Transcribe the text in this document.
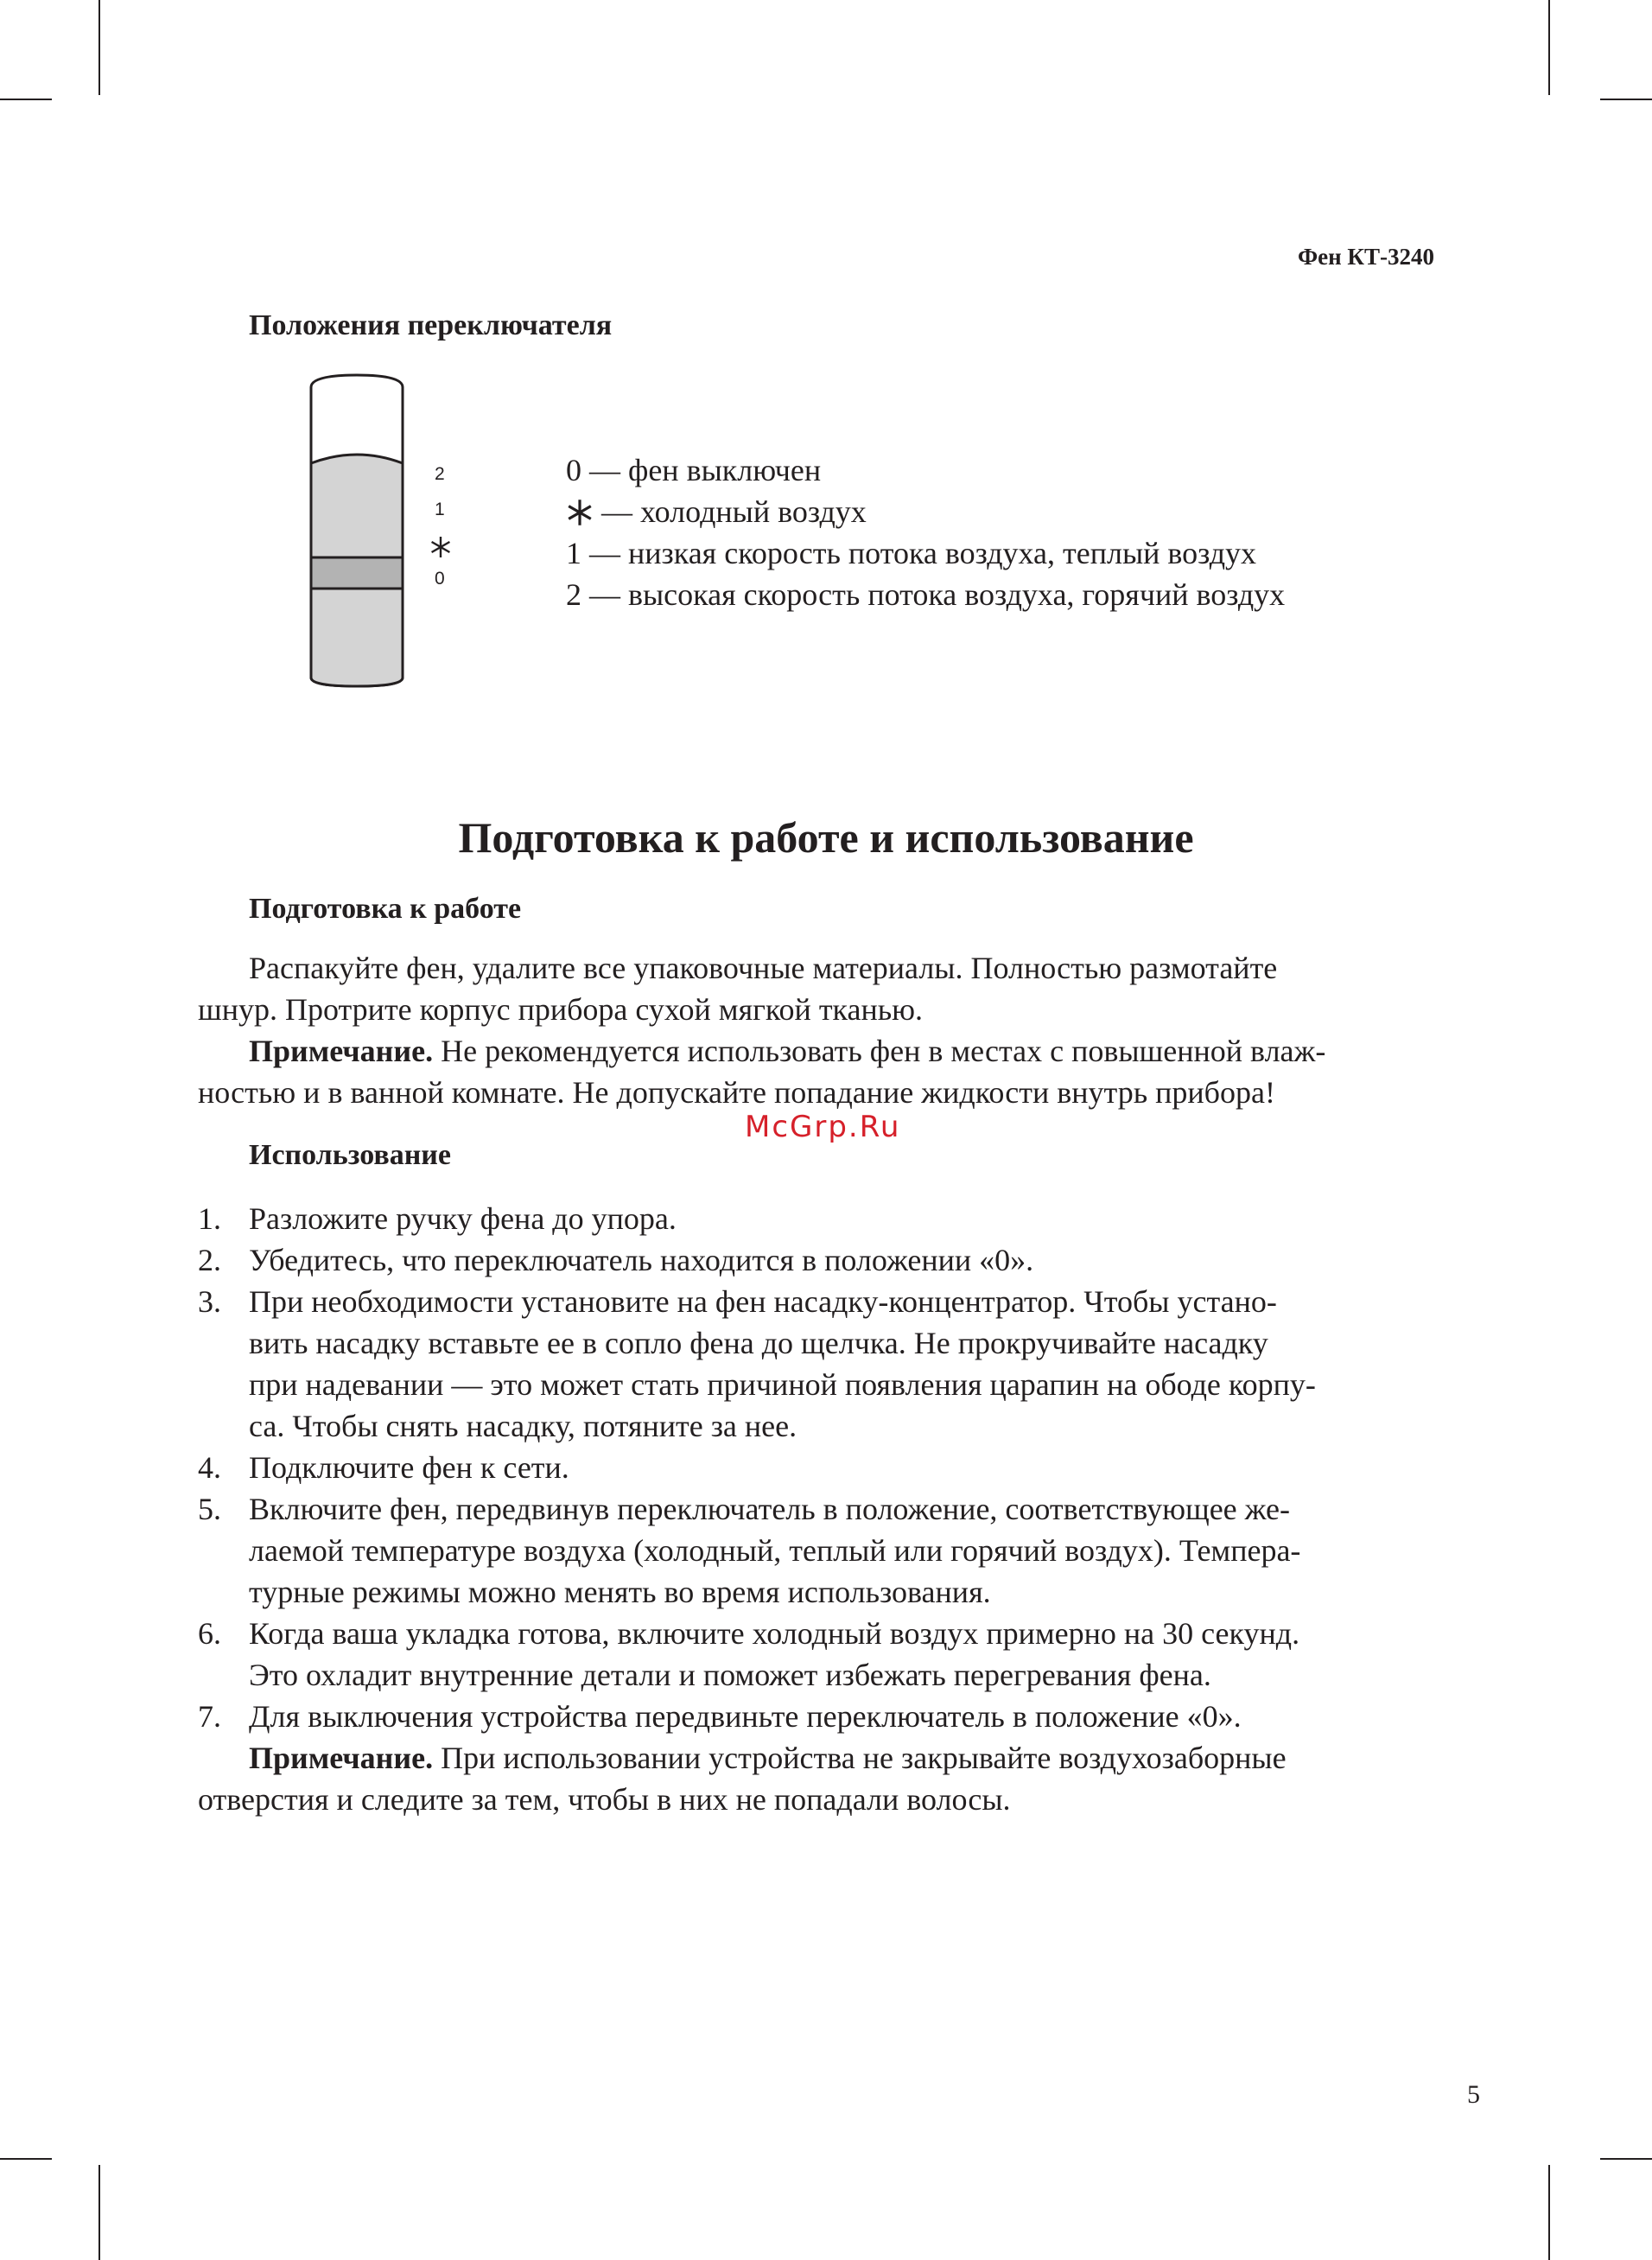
Фен КТ-3240
Положения переключателя
2
1
0
0 — фен выключен
— холодный воздух
1 — низкая скорость потока воздуха, теплый воздух
2 — высокая скорость потока воздуха, горячий воздух
Подготовка к работе и использование
Подготовка к работе
Распакуйте фен, удалите все упаковочные материалы. Полностью размотайте
шнур. Протрите корпус прибора сухой мягкой тканью.
Примечание. Не рекомендуется использовать фен в местах с повышенной влаж-
ностью и в ванной комнате. Не допускайте попадание жидкости внутрь прибора!
McGrp.Ru
Использование
1. Разложите ручку фена до упора.
2. Убедитесь, что переключатель находится в положении «0».
3. При необходимости установите на фен насадку-концентратор. Чтобы устано-
вить насадку вставьте ее в сопло фена до щелчка. Не прокручивайте насадку
при надевании — это может стать причиной появления царапин на ободе корпу-
са. Чтобы снять насадку, потяните за нее.
4. Подключите фен к сети.
5. Включите фен, передвинув переключатель в положение, соответствующее же-
лаемой температуре воздуха (холодный, теплый или горячий воздух). Темпера-
турные режимы можно менять во время использования.
6. Когда ваша укладка готова, включите холодный воздух примерно на 30 секунд.
Это охладит внутренние детали и поможет избежать перегревания фена.
7. Для выключения устройства передвиньте переключатель в положение «0».
Примечание. При использовании устройства не закрывайте воздухозаборные
отверстия и следите за тем, чтобы в них не попадали волосы.
5
